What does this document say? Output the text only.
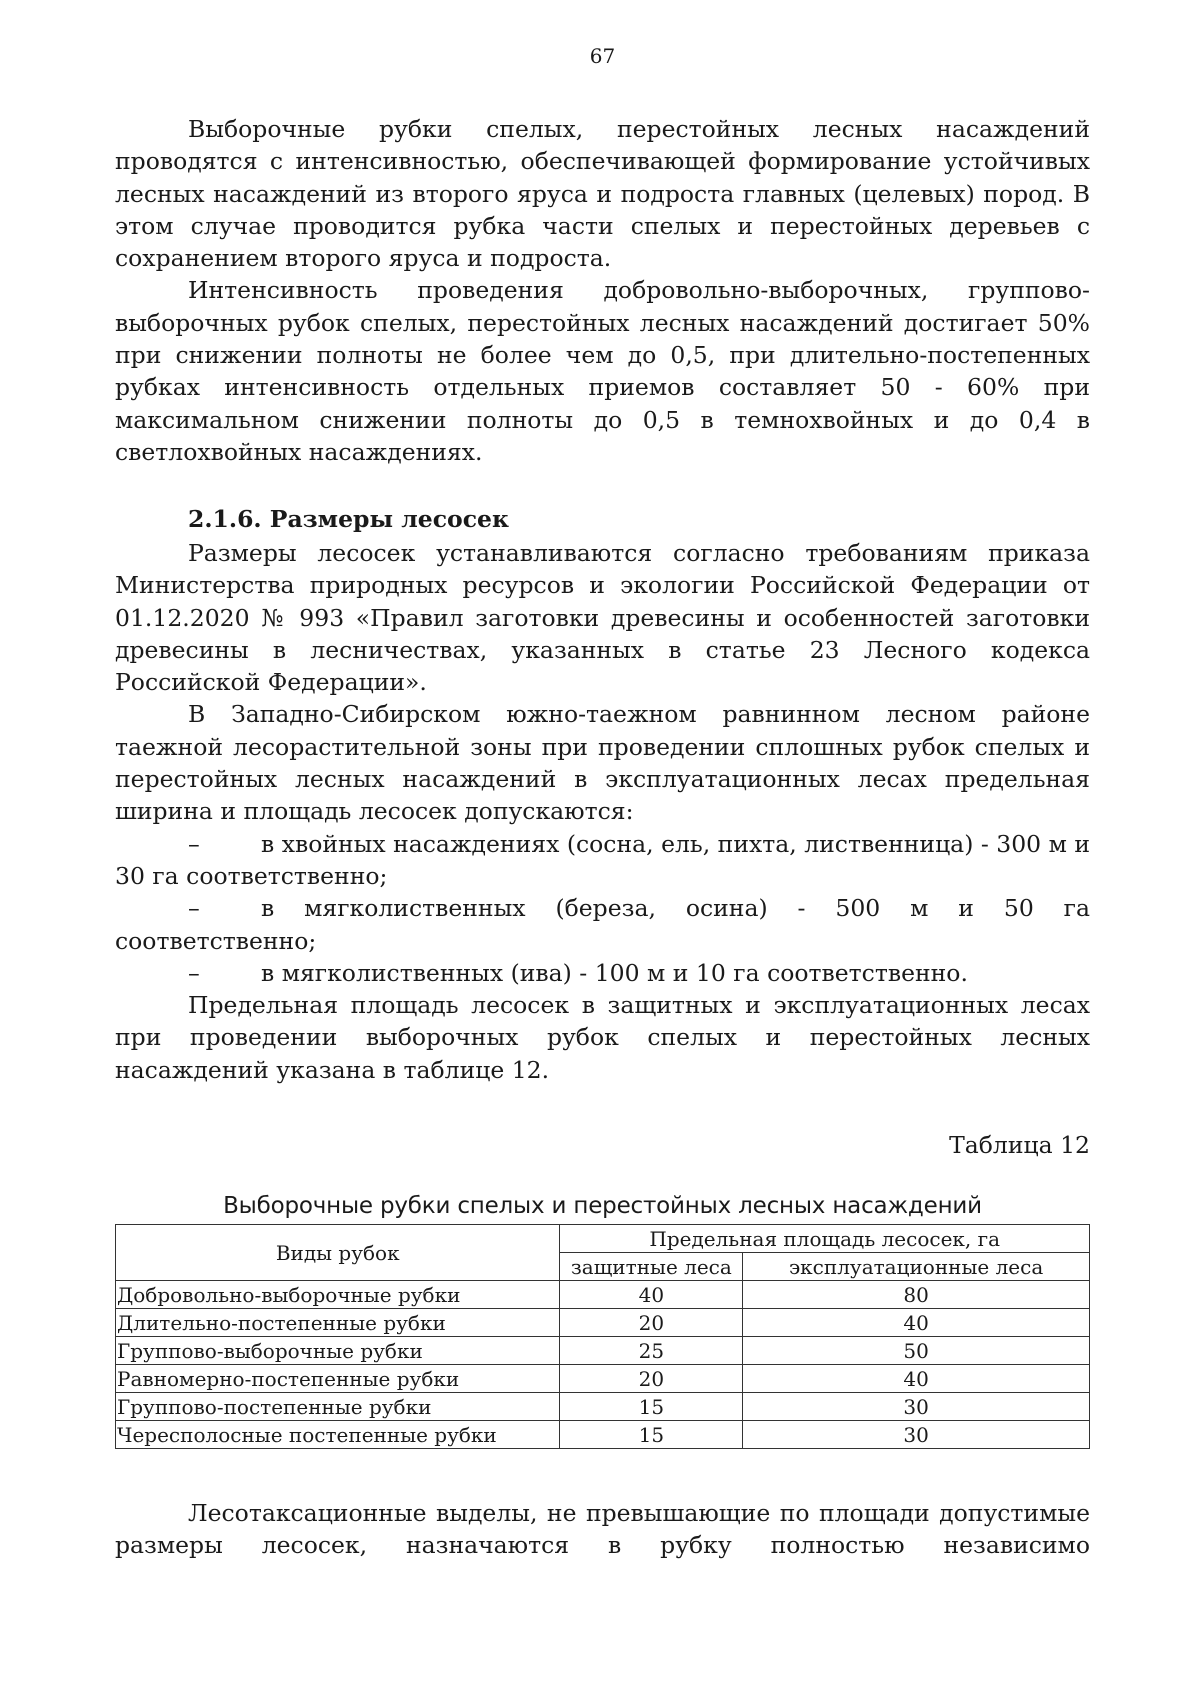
67

Выборочные рубки спелых, перестойных лесных насаждений проводятся с интенсивностью, обеспечивающей формирование устойчивых лесных насаждений из второго яруса и подроста главных (целевых) пород. В этом случае проводится рубка части спелых и перестойных деревьев с сохранением второго яруса и подроста.

Интенсивность проведения добровольно-выборочных, группово-выборочных рубок спелых, перестойных лесных насаждений достигает 50% при снижении полноты не более чем до 0,5, при длительно-постепенных рубках интенсивность отдельных приемов составляет 50 - 60% при максимальном снижении полноты до 0,5 в темнохвойных и до 0,4 в светлохвойных насаждениях.

2.1.6. Размеры лесосек

Размеры лесосек устанавливаются согласно требованиям приказа Министерства природных ресурсов и экологии Российской Федерации от 01.12.2020 № 993 «Правил заготовки древесины и особенностей заготовки древесины в лесничествах, указанных в статье 23 Лесного кодекса Российской Федерации».

В Западно-Сибирском южно-таежном равнинном лесном районе таежной лесорастительной зоны при проведении сплошных рубок спелых и перестойных лесных насаждений в эксплуатационных лесах предельная ширина и площадь лесосек допускаются:

–	в хвойных насаждениях (сосна, ель, пихта, лиственница) - 300 м и 30 га соответственно;

–	в мягколиственных (береза, осина) - 500 м и 50 га соответственно;

–	в мягколиственных (ива) - 100 м и 10 га соответственно.

Предельная площадь лесосек в защитных и эксплуатационных лесах при проведении выборочных рубок спелых и перестойных лесных насаждений указана в таблице 12.

Таблица 12
Выборочные рубки спелых и перестойных лесных насаждений
Виды рубок	Предельная площадь лесосек, га	
	защитные леса	эксплуатационные леса
Добровольно-выборочные рубки	40	80
Длительно-постепенные рубки	20	40
Группово-выборочные рубки	25	50
Равномерно-постепенные рубки	20	40
Группово-постепенные рубки	15	30
Чересполосные постепенные рубки	15	30

Лесотаксационные выделы, не превышающие по площади допустимые размеры лесосек, назначаются в рубку полностью независимо
